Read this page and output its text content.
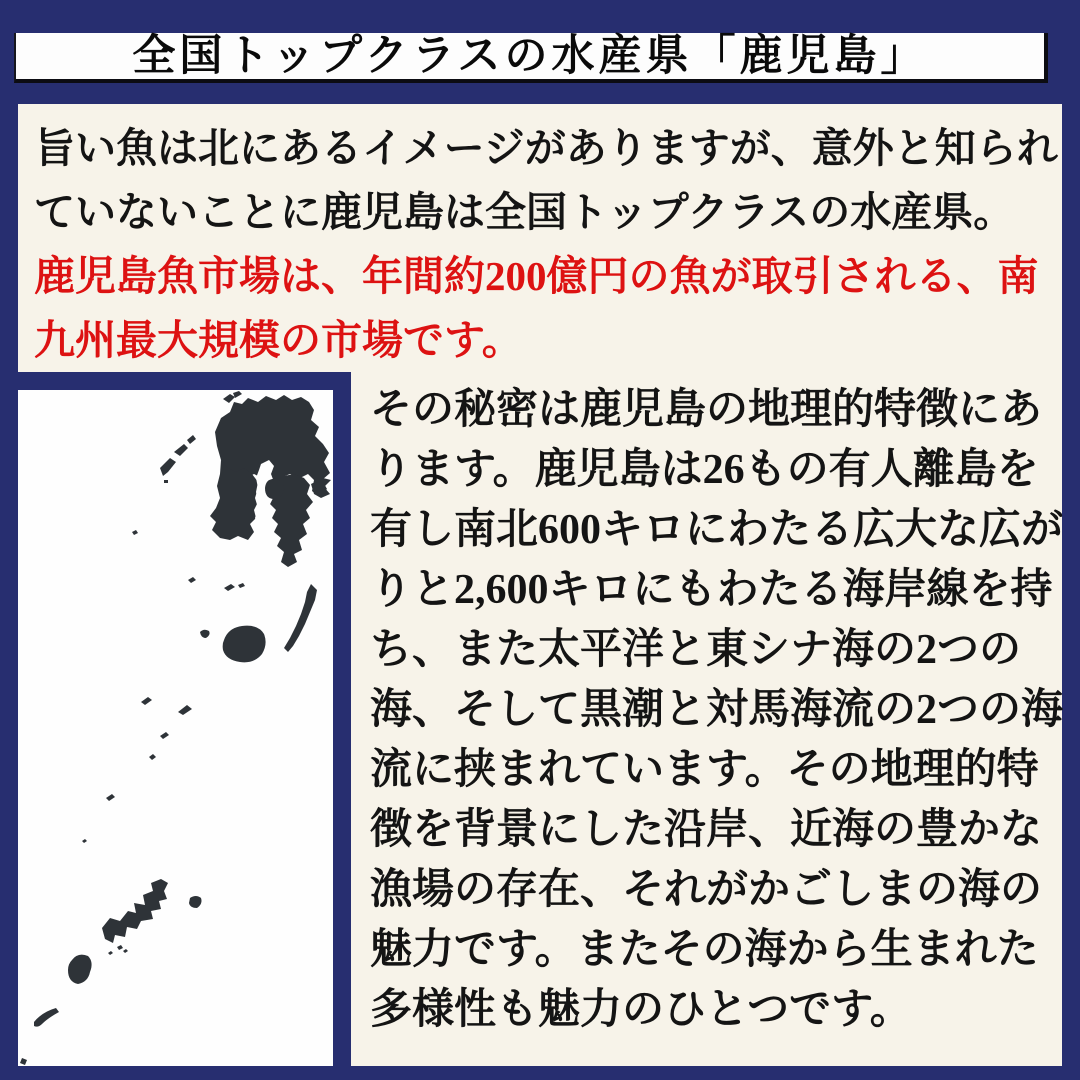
全国トップクラスの水産県「鹿児島」
旨い魚は北にあるイメージがありますが、意外と知られ
ていないことに鹿児島は全国トップクラスの水産県。
鹿児島魚市場は、年間約200億円の魚が取引される、南
九州最大規模の市場です。
その秘密は鹿児島の地理的特徴にあ
ります。鹿児島は26もの有人離島を
有し南北600キロにわたる広大な広が
りと2,600キロにもわたる海岸線を持
ち、また太平洋と東シナ海の2つの
海、そして黒潮と対馬海流の2つの海
流に挟まれています。その地理的特
徴を背景にした沿岸、近海の豊かな
漁場の存在、それがかごしまの海の
魅力です。またその海から生まれた
多様性も魅力のひとつです。
